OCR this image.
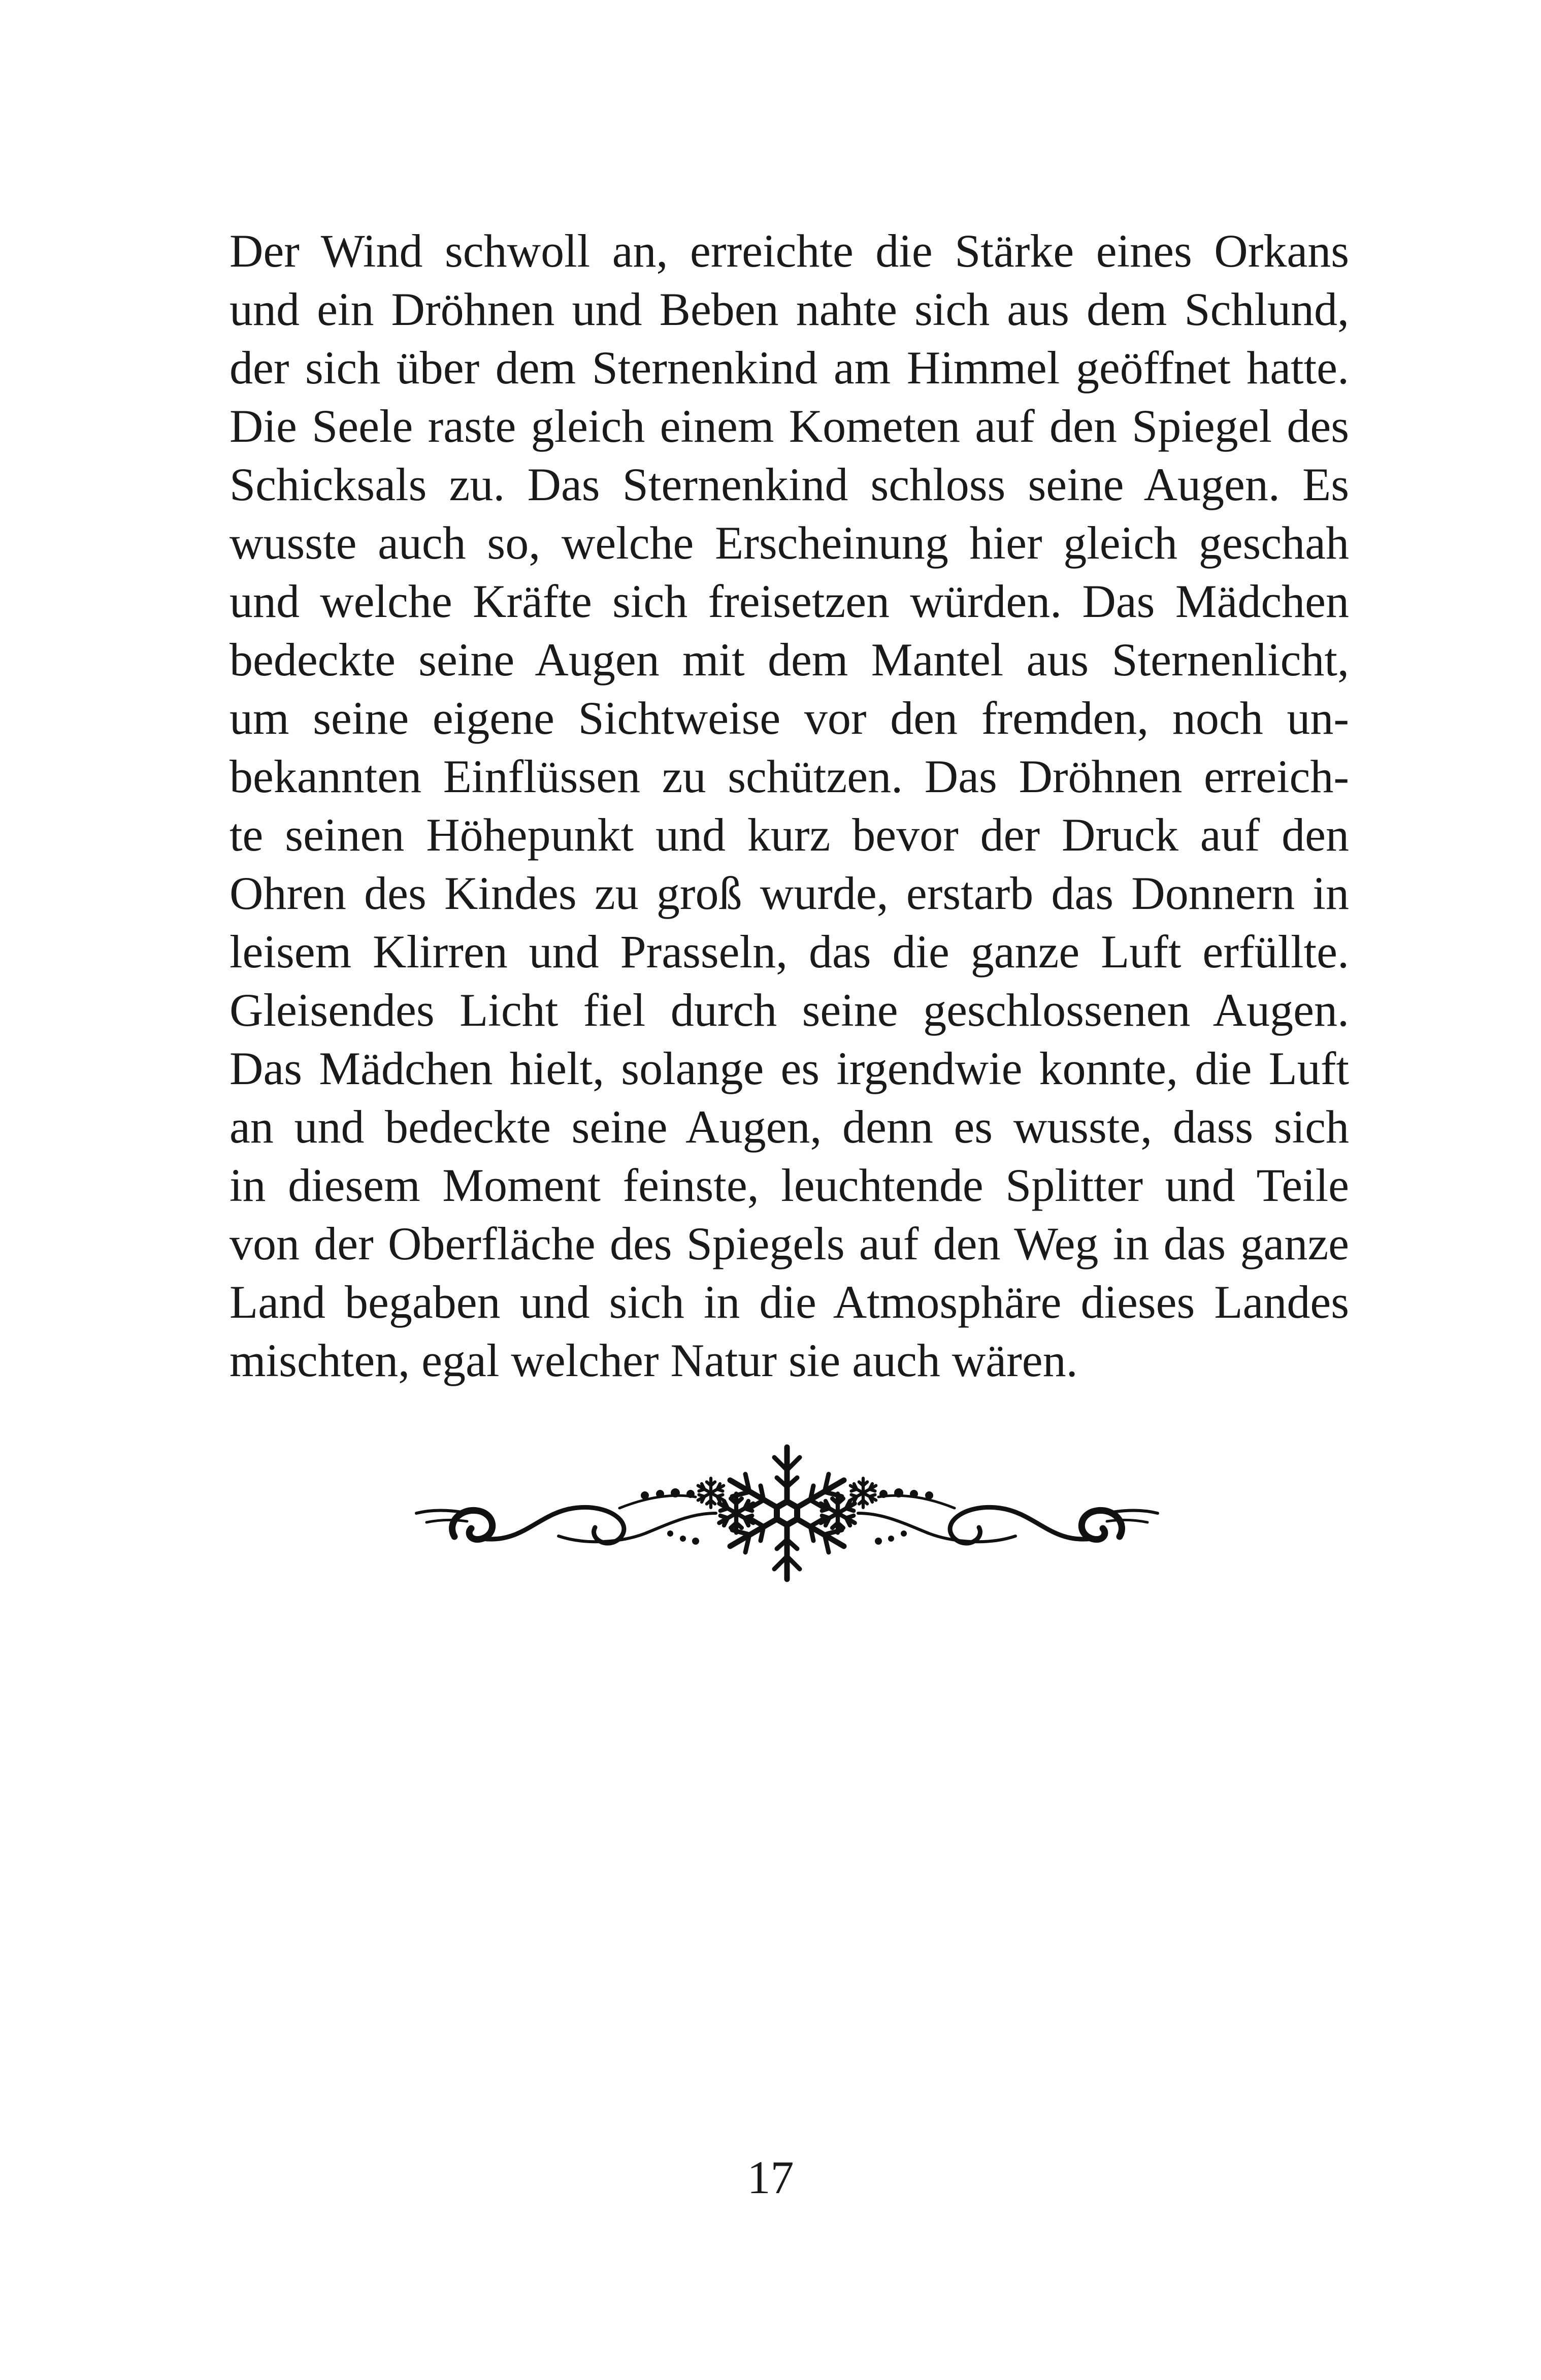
Der Wind schwoll an, erreichte die Stärke eines Orkans
und ein Dröhnen und Beben nahte sich aus dem Schlund,
der sich über dem Sternenkind am Himmel geöffnet hatte.
Die Seele raste gleich einem Kometen auf den Spiegel des
Schicksals zu. Das Sternenkind schloss seine Augen. Es
wusste auch so, welche Erscheinung hier gleich geschah
und welche Kräfte sich freisetzen würden. Das Mädchen
bedeckte seine Augen mit dem Mantel aus Sternenlicht,
um seine eigene Sichtweise vor den fremden, noch un-
bekannten Einflüssen zu schützen. Das Dröhnen erreich-
te seinen Höhepunkt und kurz bevor der Druck auf den
Ohren des Kindes zu groß wurde, erstarb das Donnern in
leisem Klirren und Prasseln, das die ganze Luft erfüllte.
Gleisendes Licht fiel durch seine geschlossenen Augen.
Das Mädchen hielt, solange es irgendwie konnte, die Luft
an und bedeckte seine Augen, denn es wusste, dass sich
in diesem Moment feinste, leuchtende Splitter und Teile
von der Oberfläche des Spiegels auf den Weg in das ganze
Land begaben und sich in die Atmosphäre dieses Landes
mischten, egal welcher Natur sie auch wären.
17
